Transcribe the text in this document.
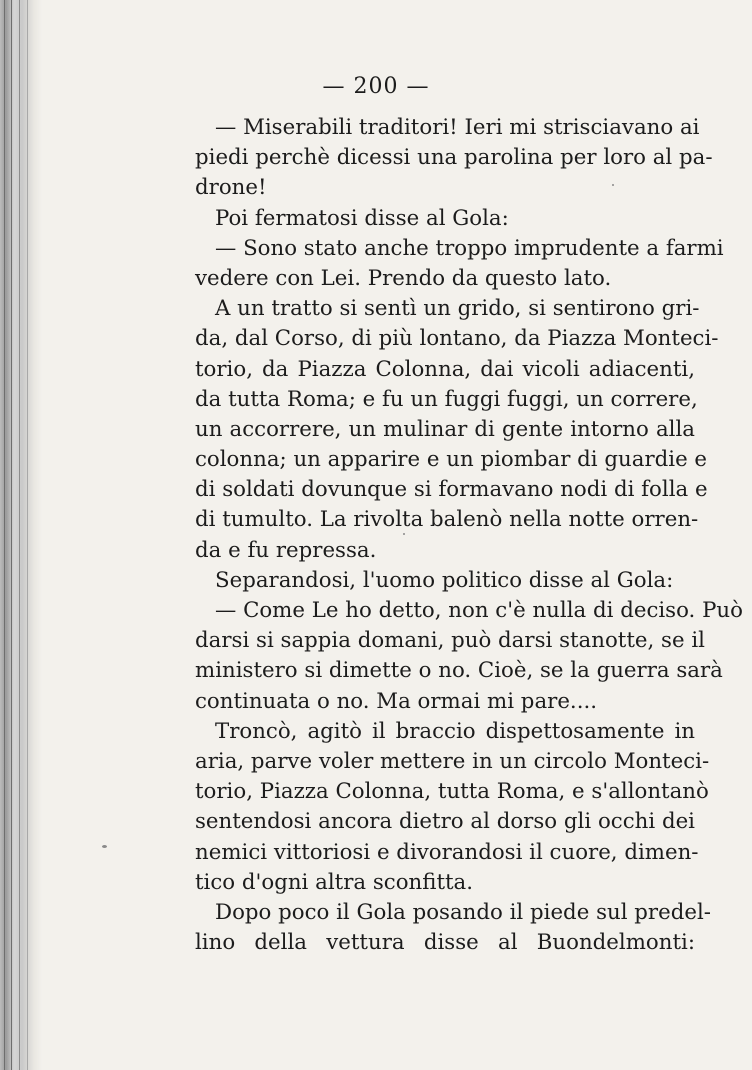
— 200 —
— Miserabili traditori! Ieri mi strisciavano ai
piedi perchè dicessi una parolina per loro al pa-
drone!
Poi fermatosi disse al Gola:
— Sono stato anche troppo imprudente a farmi
vedere con Lei. Prendo da questo lato.
A un tratto si sentì un grido, si sentirono gri-
da, dal Corso, di più lontano, da Piazza Monteci-
torio, da Piazza Colonna, dai vicoli adiacenti,
da tutta Roma; e fu un fuggi fuggi, un correre,
un accorrere, un mulinar di gente intorno alla
colonna; un apparire e un piombar di guardie e
di soldati dovunque si formavano nodi di folla e
di tumulto. La rivolta balenò nella notte orren-
da e fu repressa.
Separandosi, l'uomo politico disse al Gola:
— Come Le ho detto, non c'è nulla di deciso. Può
darsi si sappia domani, può darsi stanotte, se il
ministero si dimette o no. Cioè, se la guerra sarà
continuata o no. Ma ormai mi pare....
Troncò, agitò il braccio dispettosamente in
aria, parve voler mettere in un circolo Monteci-
torio, Piazza Colonna, tutta Roma, e s'allontanò
sentendosi ancora dietro al dorso gli occhi dei
nemici vittoriosi e divorandosi il cuore, dimen-
tico d'ogni altra sconfitta.
Dopo poco il Gola posando il piede sul predel-
lino della vettura disse al Buondelmonti:
